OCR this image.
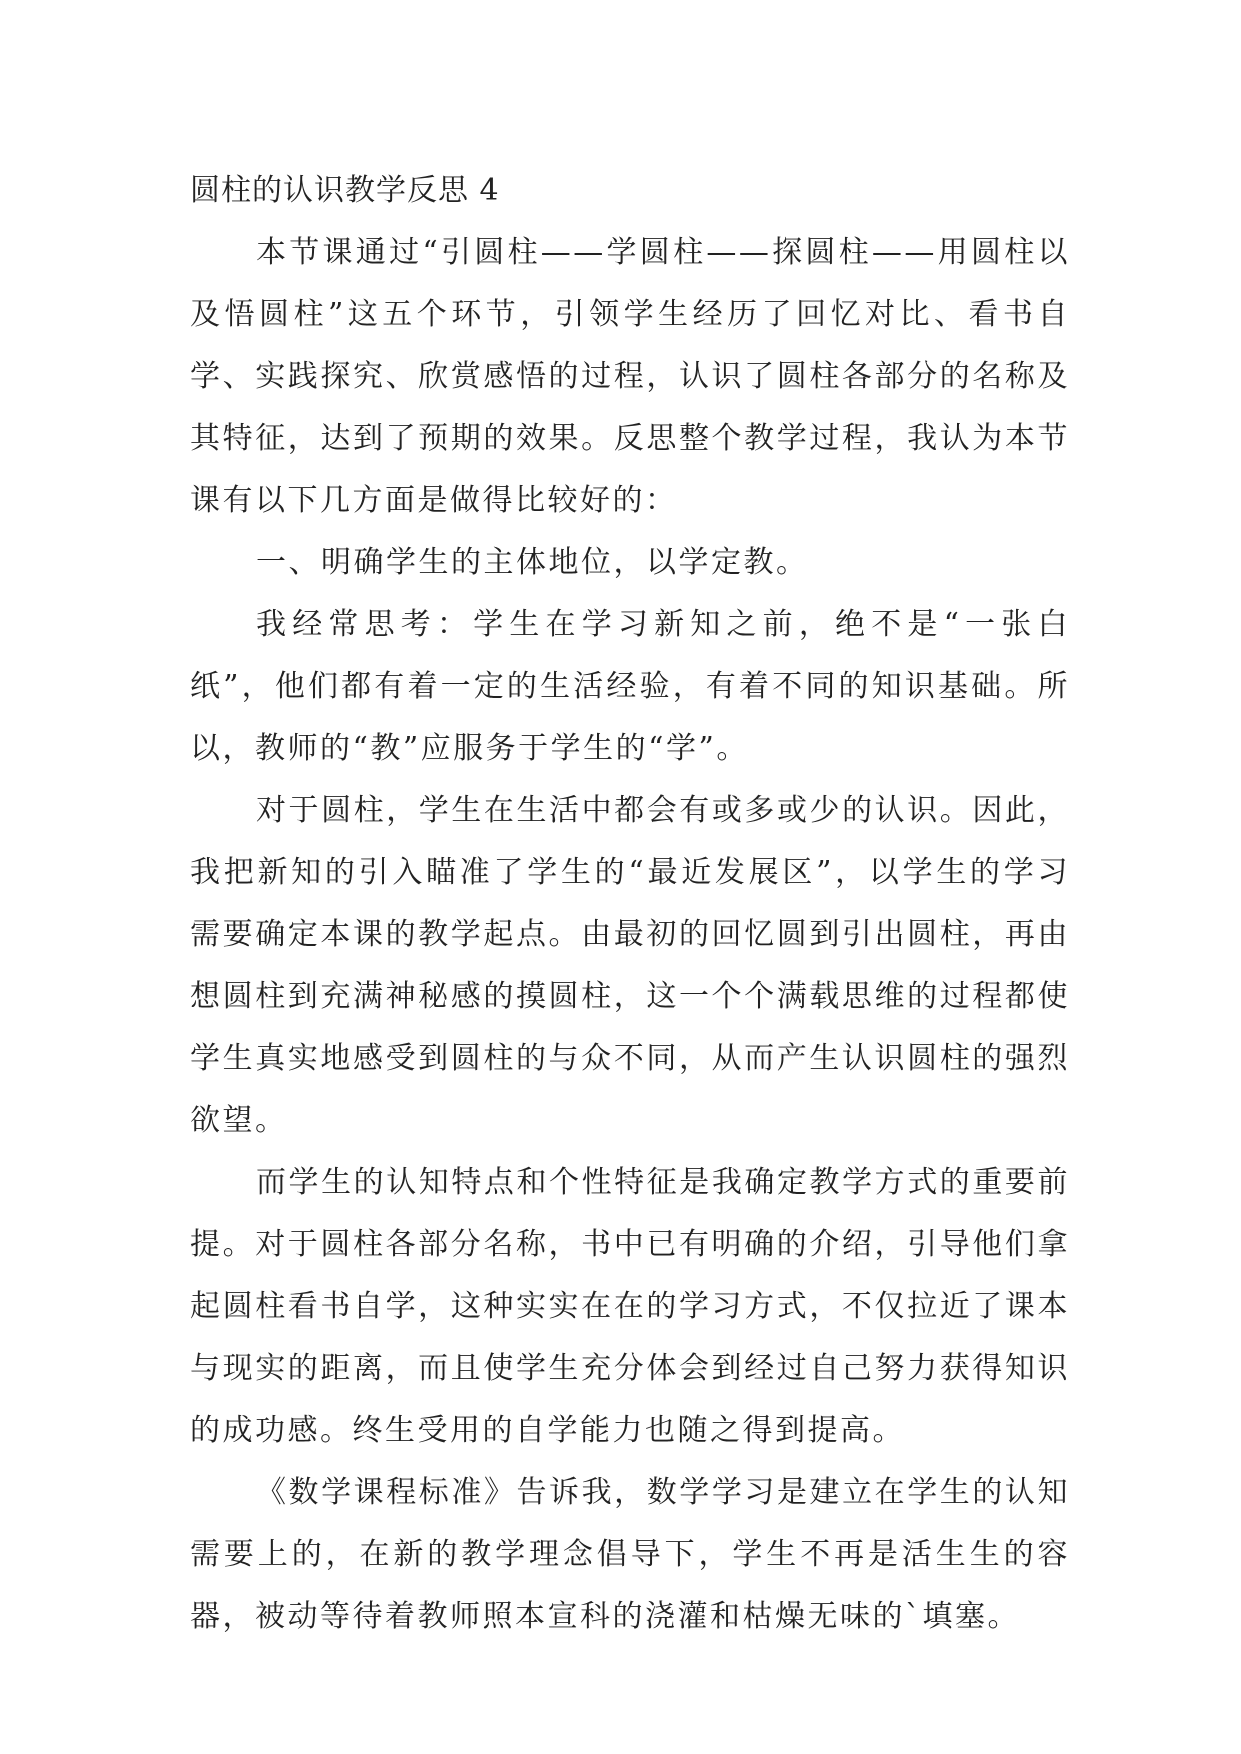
圆柱的认识教学反思 4

本节课通过“引圆柱——学圆柱——探圆柱——用圆柱以及悟圆柱”这五个环节，引领学生经历了回忆对比、看书自学、实践探究、欣赏感悟的过程，认识了圆柱各部分的名称及其特征，达到了预期的效果。反思整个教学过程，我认为本节课有以下几方面是做得比较好的：

一、明确学生的主体地位，以学定教。

我经常思考：学生在学习新知之前，绝不是“一张白纸”，他们都有着一定的生活经验，有着不同的知识基础。所以，教师的“教”应服务于学生的“学”。

对于圆柱，学生在生活中都会有或多或少的认识。因此，我把新知的引入瞄准了学生的“最近发展区”，以学生的学习需要确定本课的教学起点。由最初的回忆圆到引出圆柱，再由想圆柱到充满神秘感的摸圆柱，这一个个满载思维的过程都使学生真实地感受到圆柱的与众不同，从而产生认识圆柱的强烈欲望。

而学生的认知特点和个性特征是我确定教学方式的重要前提。对于圆柱各部分名称，书中已有明确的介绍，引导他们拿起圆柱看书自学，这种实实在在的学习方式，不仅拉近了课本与现实的距离，而且使学生充分体会到经过自己努力获得知识的成功感。终生受用的自学能力也随之得到提高。

《数学课程标准》告诉我，数学学习是建立在学生的认知需要上的，在新的教学理念倡导下，学生不再是活生生的容器，被动等待着教师照本宣科的浇灌和枯燥无味的`填塞。
